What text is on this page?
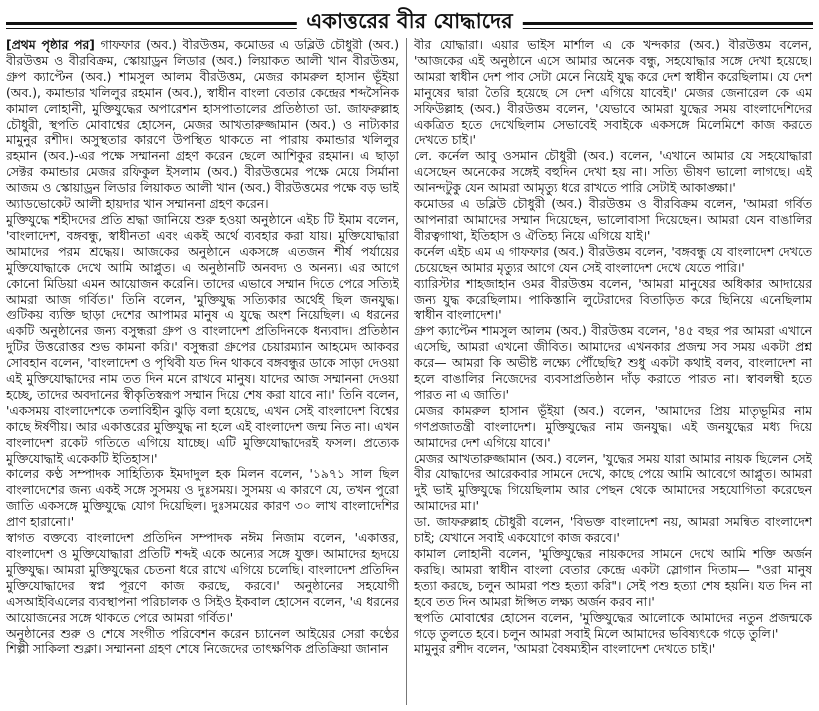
একাত্তরের বীর যোদ্ধাদের

[প্রথম পৃষ্ঠার পর] গাফফার (অব.) বীরউত্তম, কমোডর এ ডব্লিউ চৌধুরী (অব.) বীরউত্তম ও বীরবিক্রম, স্কোয়াড্রন লিডার (অব.) লিয়াকত আলী খান বীরউত্তম, গ্রুপ ক্যাপ্টেন (অব.) শামসুল আলম বীরউত্তম, মেজর কামরুল হাসান ভূঁইয়া (অব.), কমান্ডার খলিলুর রহমান (অব.), স্বাধীন বাংলা বেতার কেন্দ্রের শব্দসৈনিক কামাল লোহানী, মুক্তিযুদ্ধের অপারেশন হাসপাতালের প্রতিষ্ঠাতা ডা. জাফরুল্লাহ চৌধুরী, স্থপতি মোবাশ্বের হোসেন, মেজর আখতারুজ্জামান (অব.) ও নাট্যকার মামুনুর রশীদ। অসুস্থতার কারণে উপস্থিত থাকতে না পারায় কমান্ডার খলিলুর রহমান (অব.)-এর পক্ষে সম্মাননা গ্রহণ করেন ছেলে আশিকুর রহমান। এ ছাড়া সেক্টর কমান্ডার মেজর রফিকুল ইসলাম (অব.) বীরউত্তমের পক্ষে মেয়ে সির্মানা আজম ও স্কোয়াড্রন লিডার লিয়াকত আলী খান (অব.) বীরউত্তমের পক্ষে বড় ভাই অ্যাডভোকেট আলী হায়দার খান সম্মাননা গ্রহণ করেন।

মুক্তিযুদ্ধে শহীদদের প্রতি শ্রদ্ধা জানিয়ে শুরু হওয়া অনুষ্ঠানে এইচ টি ইমাম বলেন, 'বাংলাদেশ, বঙ্গবন্ধু, স্বাধীনতা এবং একই অর্থে ব্যবহার করা যায়। মুক্তিযোদ্ধারা আমাদের পরম শ্রদ্ধেয়। আজকের অনুষ্ঠানে একসঙ্গে এতজন শীর্ষ পর্যায়ের মুক্তিযোদ্ধাকে দেখে আমি আপ্লুত। এ অনুষ্ঠানটি অনবদ্য ও অনন্য। এর আগে কোনো মিডিয়া এমন আয়োজন করেনি। তাদের এভাবে সম্মান দিতে পেরে সত্যিই আমরা আজ গর্বিত।' তিনি বলেন, 'মুক্তিযুদ্ধ সত্যিকার অর্থেই ছিল জনযুদ্ধ। গুটিকয় ব্যক্তি ছাড়া দেশের আপামর মানুষ এ যুদ্ধে অংশ নিয়েছিল। এ ধরনের একটি অনুষ্ঠানের জন্য বসুন্ধরা গ্রুপ ও বাংলাদেশ প্রতিদিনকে ধন্যবাদ। প্রতিষ্ঠান দুটির উত্তরোত্তর শুভ কামনা করি।' বসুন্ধরা গ্রুপের চেয়ারম্যান আহমেদ আকবর সোবহান বলেন, 'বাংলাদেশ ও পৃথিবী যত দিন থাকবে বঙ্গবন্ধুর ডাকে সাড়া দেওয়া এই মুক্তিযোদ্ধাদের নাম তত দিন মনে রাখবে মানুষ। যাদের আজ সম্মাননা দেওয়া হচ্ছে, তাদের অবদানের স্বীকৃতিস্বরূপ সম্মান দিয়ে শেষ করা যাবে না।' তিনি বলেন, 'একসময় বাংলাদেশকে তলাবিহীন ঝুড়ি বলা হয়েছে, এখন সেই বাংলাদেশ বিশ্বের কাছে ঈর্ষণীয়। আর একাত্তরের মুক্তিযুদ্ধ না হলে এই বাংলাদেশ জন্ম নিত না। এখন বাংলাদেশ রকেট গতিতে এগিয়ে যাচ্ছে। এটি মুক্তিযোদ্ধাদেরই ফসল। প্রত্যেক মুক্তিযোদ্ধাই একেকটি ইতিহাস।'

কালের কণ্ঠ সম্পাদক সাহিত্যিক ইমদাদুল হক মিলন বলেন, '১৯৭১ সাল ছিল বাংলাদেশের জন্য একই সঙ্গে সুসময় ও দুঃসময়। সুসময় এ কারণে যে, তখন পুরো জাতি একসঙ্গে মুক্তিযুদ্ধে যোগ দিয়েছিল। দুঃসময়ের কারণ ৩০ লাখ বাংলাদেশির প্রাণ হারানো।'

স্বাগত বক্তব্যে বাংলাদেশ প্রতিদিন সম্পাদক নঈম নিজাম বলেন, 'একাত্তর, বাংলাদেশ ও মুক্তিযোদ্ধারা প্রতিটি শব্দই একে অন্যের সঙ্গে যুক্ত। আমাদের হৃদয়ে মুক্তিযুদ্ধ। আমরা মুক্তিযুদ্ধের চেতনা ধরে রাখে এগিয়ে চলেছি। বাংলাদেশ প্রতিদিন মুক্তিযোদ্ধাদের স্বপ্ন পূরণে কাজ করছে, করবে।' অনুষ্ঠানের সহযোগী এসআইবিএলের ব্যবস্থাপনা পরিচালক ও সিইও ইকবাল হোসেন বলেন, 'এ ধরনের আয়োজনের সঙ্গে থাকতে পেরে আমরা গর্বিত।'

অনুষ্ঠানের শুরু ও শেষে সংগীত পরিবেশন করেন চ্যানেল আইয়ের সেরা কণ্ঠের শিল্পী সাকিলা শুক্লা। সম্মাননা গ্রহণ শেষে নিজেদের তাৎক্ষণিক প্রতিক্রিয়া জানান

বীর যোদ্ধারা। এয়ার ভাইস মার্শাল এ কে খন্দকার (অব.) বীরউত্তম বলেন, 'আজকের এই অনুষ্ঠানে এসে আমার অনেক বন্ধু, সহযোদ্ধার সঙ্গে দেখা হয়েছে। আমরা স্বাধীন দেশ পাব সেটা মেনে নিয়েই যুদ্ধ করে দেশ স্বাধীন করেছিলাম। যে দেশ মানুষের দ্বারা তৈরি হয়েছে সে দেশ এগিয়ে যাবেই।' মেজর জেনারেল কে এম সফিউল্লাহ (অব.) বীরউত্তম বলেন, 'যেভাবে আমরা যুদ্ধের সময় বাংলাদেশিদের একত্রিত হতে দেখেছিলাম সেভাবেই সবাইকে একসঙ্গে মিলেমিশে কাজ করতে দেখতে চাই।'

লে. কর্নেল আবু ওসমান চৌধুরী (অব.) বলেন, 'এখানে আমার যে সহযোদ্ধারা এসেছেন অনেকের সঙ্গেই বহুদিন দেখা হয় না। সত্যি ভীষণ ভালো লাগছে। এই আনন্দটুকু যেন আমরা আমৃত্যু ধরে রাখতে পারি সেটাই আকাঙ্ক্ষা।'

কমোডর এ ডব্লিউ চৌধুরী (অব.) বীরউত্তম ও বীরবিক্রম বলেন, 'আমরা গর্বিত আপনারা আমাদের সম্মান দিয়েছেন, ভালোবাসা দিয়েছেন। আমরা যেন বাঙালির বীরত্বগাথা, ইতিহাস ও ঐতিহ্য নিয়ে এগিয়ে যাই।'

কর্নেল এইচ এম এ গাফফার (অব.) বীরউত্তম বলেন, 'বঙ্গবন্ধু যে বাংলাদেশ দেখতে চেয়েছেন আমার মৃত্যুর আগে যেন সেই বাংলাদেশ দেখে যেতে পারি।'

ব্যারিস্টার শাহজাহান ওমর বীরউত্তম বলেন, 'আমরা মানুষের অধিকার আদায়ের জন্য যুদ্ধ করেছিলাম। পাকিস্তানি লুটেরাদের বিতাড়িত করে ছিনিয়ে এনেছিলাম স্বাধীন বাংলাদেশ।'

গ্রুপ ক্যাপ্টেন শামসুল আলম (অব.) বীরউত্তম বলেন, '৪৫ বছর পর আমরা এখানে এসেছি, আমরা এখনো জীবিত। আমাদের এখনকার প্রজন্ম সব সময় একটা প্রশ্ন করে— আমরা কি অভীষ্ট লক্ষ্যে পৌঁছেছি? শুধু একটা কথাই বলব, বাংলাদেশ না হলে বাঙালির নিজেদের ব্যবসাপ্রতিষ্ঠান দাঁড় করাতে পারত না। স্বাবলম্বী হতে পারত না এ জাতি।'

মেজর কামরুল হাসান ভূঁইয়া (অব.) বলেন, 'আমাদের প্রিয় মাতৃভূমির নাম গণপ্রজাতন্ত্রী বাংলাদেশ। মুক্তিযুদ্ধের নাম জনযুদ্ধ। এই জনযুদ্ধের মধ্য দিয়ে আমাদের দেশ এগিয়ে যাবে।'

মেজর আখতারুজ্জামান (অব.) বলেন, 'যুদ্ধের সময় যারা আমার নায়ক ছিলেন সেই বীর যোদ্ধাদের আরেকবার সামনে দেখে, কাছে পেয়ে আমি আবেগে আপ্লুত। আমরা দুই ভাই মুক্তিযুদ্ধে গিয়েছিলাম আর পেছন থেকে আমাদের সহযোগিতা করেছেন আমাদের মা।'

ডা. জাফরুল্লাহ চৌধুরী বলেন, 'বিভক্ত বাংলাদেশ নয়, আমরা সমন্বিত বাংলাদেশ চাই; যেখানে সবাই একযোগে কাজ করবে।'

কামাল লোহানী বলেন, 'মুক্তিযুদ্ধের নায়কদের সামনে দেখে আমি শক্তি অর্জন করছি। আমরা স্বাধীন বাংলা বেতার কেন্দ্রে একটা স্লোগান দিতাম— "ওরা মানুষ হত্যা করছে, চলুন আমরা পশু হত্যা করি"। সেই পশু হত্যা শেষ হয়নি। যত দিন না হবে তত দিন আমরা ঈপ্সিত লক্ষ্য অর্জন করব না।'

স্থপতি মোবাশ্বের হোসেন বলেন, 'মুক্তিযুদ্ধের আলোকে আমাদের নতুন প্রজন্মকে গড়ে তুলতে হবে। চলুন আমরা সবাই মিলে আমাদের ভবিষ্যৎকে গড়ে তুলি।'

মামুনুর রশীদ বলেন, 'আমরা বৈষম্যহীন বাংলাদেশ দেখতে চাই।'
